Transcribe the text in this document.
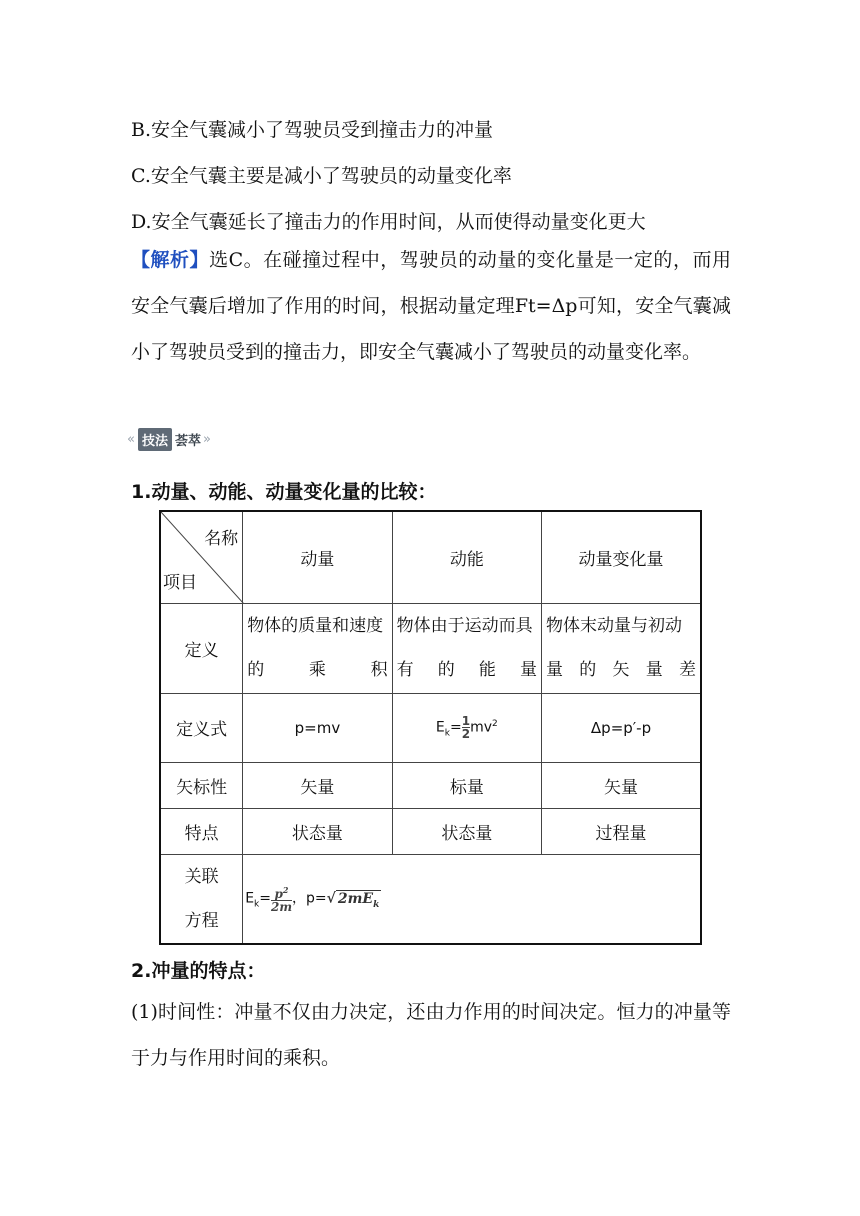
B.安全气囊减小了驾驶员受到撞击力的冲量
C.安全气囊主要是减小了驾驶员的动量变化率
D.安全气囊延长了撞击力的作用时间，从而使得动量变化更大
【解析】选C。在碰撞过程中，驾驶员的动量的变化量是一定的，而用安全气囊后增加了作用的时间，根据动量定理Ft=Δp可知，安全气囊减小了驾驶员受到的撞击力，即安全气囊减小了驾驶员的动量变化率。
« 技法 荟萃 »
1.动量、动能、动量变化量的比较：
名称
项目	动量	动能	动量变化量
定义	物体的质量和速度的乘积	物体由于运动而具有的能量	物体末动量与初动量的矢量差
定义式	p=mv	$E_k= \frac{1}{2}mv^2$	Δp=p′-p
矢标性	矢量	标量	矢量
特点	状态量	状态量	过程量
关联
方程	$E_k= \frac{p^2}{2m}$，p=√ $2mE_k$
2.冲量的特点：
(1)时间性：冲量不仅由力决定，还由力作用的时间决定。恒力的冲量等于力与作用时间的乘积。
